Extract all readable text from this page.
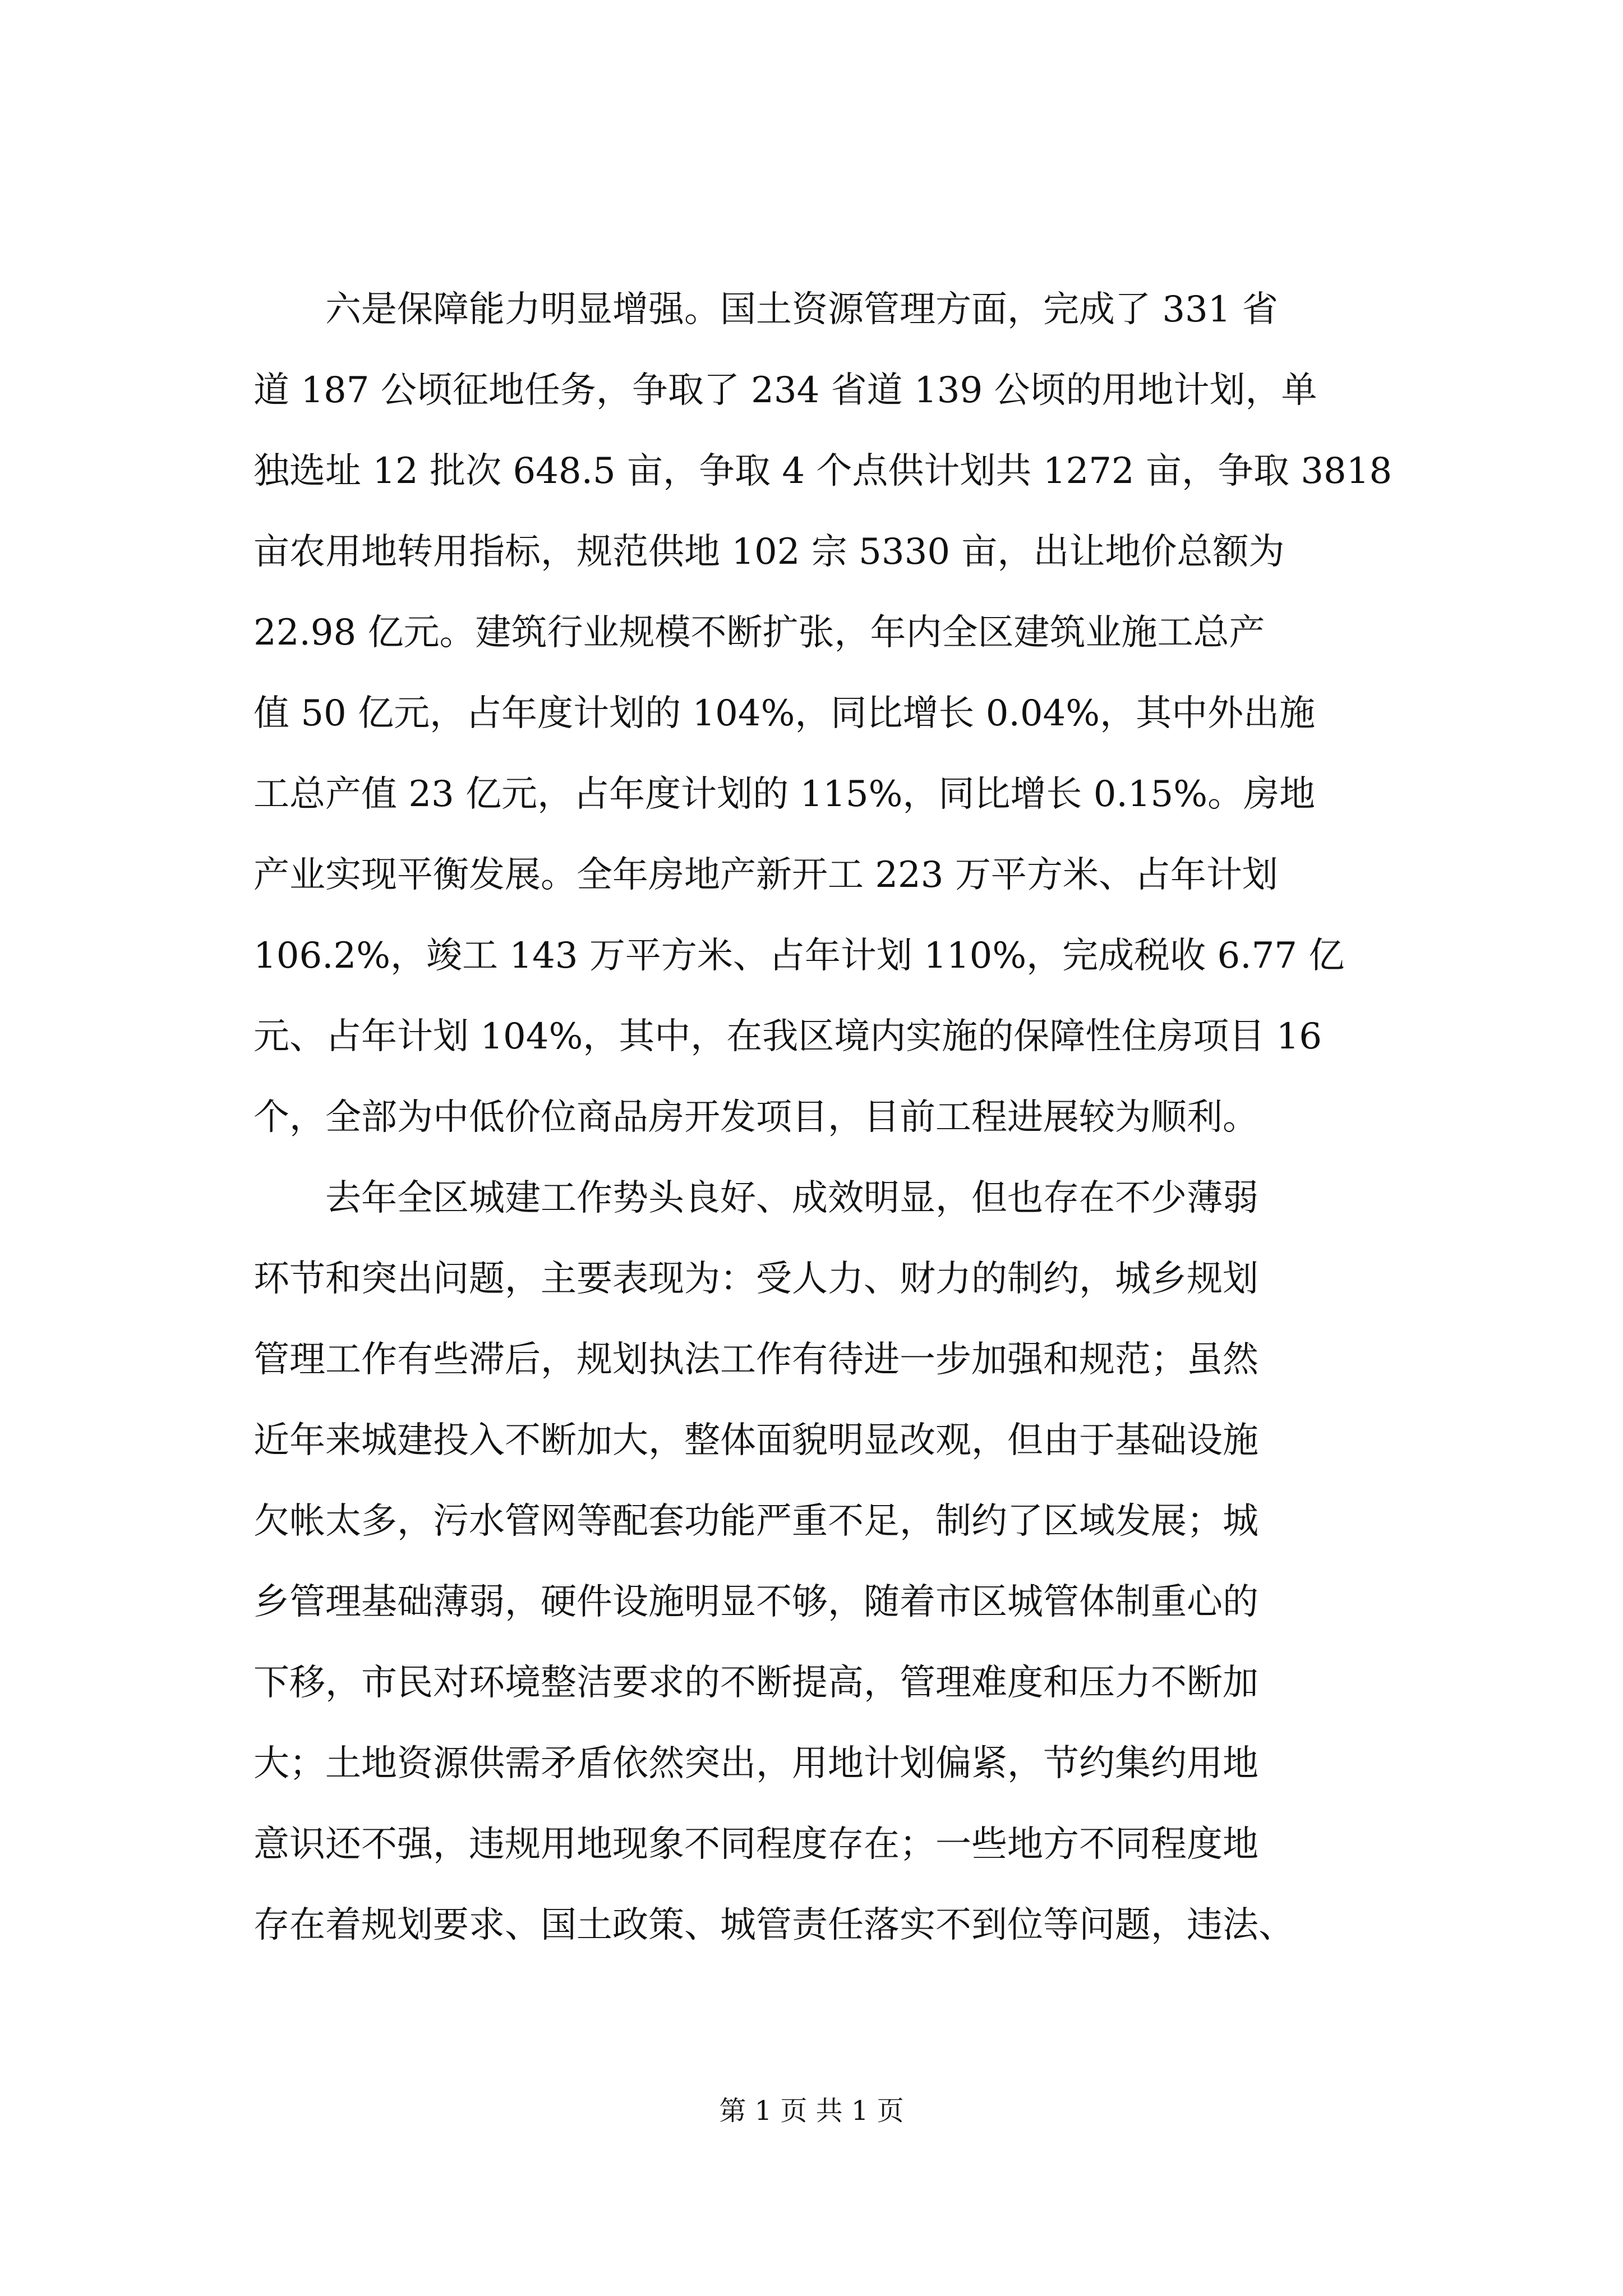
　　六是保障能力明显增强。国土资源管理方面，完成了 331 省
道 187 公顷征地任务，争取了 234 省道 139 公顷的用地计划，单
独选址 12 批次 648.5 亩，争取 4 个点供计划共 1272 亩，争取 3818
亩农用地转用指标，规范供地 102 宗 5330 亩，出让地价总额为
22.98 亿元。建筑行业规模不断扩张，年内全区建筑业施工总产
值 50 亿元，占年度计划的 104%，同比增长 0.04%，其中外出施
工总产值 23 亿元，占年度计划的 115%，同比增长 0.15%。房地
产业实现平衡发展。全年房地产新开工 223 万平方米、占年计划
106.2%，竣工 143 万平方米、占年计划 110%，完成税收 6.77 亿
元、占年计划 104%，其中，在我区境内实施的保障性住房项目 16
个，全部为中低价位商品房开发项目，目前工程进展较为顺利。
　　去年全区城建工作势头良好、成效明显，但也存在不少薄弱
环节和突出问题，主要表现为：受人力、财力的制约，城乡规划
管理工作有些滞后，规划执法工作有待进一步加强和规范；虽然
近年来城建投入不断加大，整体面貌明显改观，但由于基础设施
欠帐太多，污水管网等配套功能严重不足，制约了区域发展；城
乡管理基础薄弱，硬件设施明显不够，随着市区城管体制重心的
下移，市民对环境整洁要求的不断提高，管理难度和压力不断加
大；土地资源供需矛盾依然突出，用地计划偏紧，节约集约用地
意识还不强，违规用地现象不同程度存在；一些地方不同程度地
存在着规划要求、国土政策、城管责任落实不到位等问题，违法、
第 1 页 共 1 页
